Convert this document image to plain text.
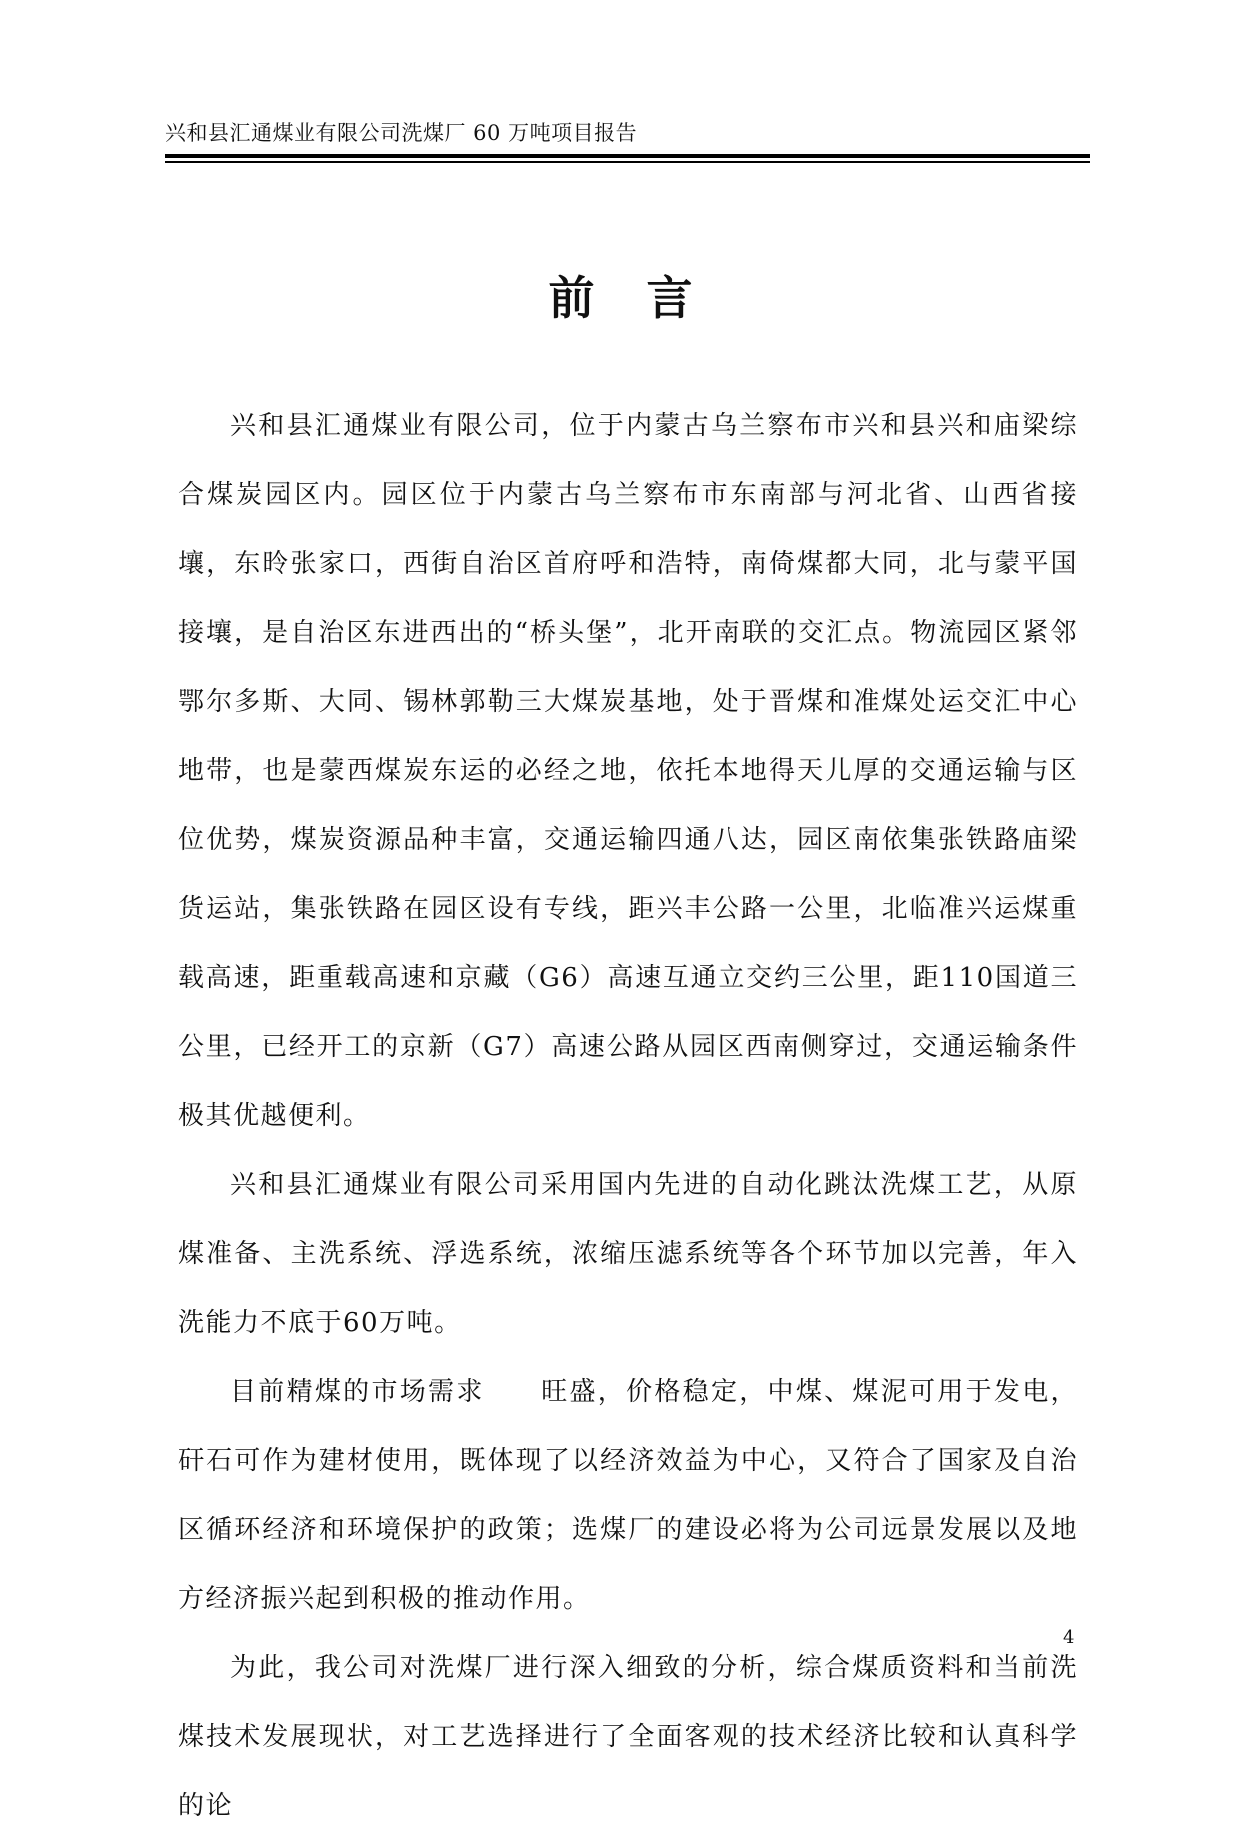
兴和县汇通煤业有限公司洗煤厂 60 万吨项目报告
前言

兴和县汇通煤业有限公司，位于内蒙古乌兰察布市兴和县兴和庙梁综合煤炭园区内。园区位于内蒙古乌兰察布市东南部与河北省、山西省接壤，东昤张家口，西街自治区首府呼和浩特，南倚煤都大同，北与蒙平国接壤，是自治区东进西出的“桥头堡”，北开南联的交汇点。物流园区紧邻鄂尔多斯、大同、锡林郭勒三大煤炭基地，处于晋煤和准煤处运交汇中心地带，也是蒙西煤炭东运的必经之地，依托本地得天儿厚的交通运输与区位优势，煤炭资源品种丰富，交通运输四通八达，园区南依集张铁路庙梁货运站，集张铁路在园区设有专线，距兴丰公路一公里，北临准兴运煤重载高速，距重载高速和京藏（G6）高速互通立交约三公里，距110国道三公里，已经开工的京新（G7）高速公路从园区西南侧穿过，交通运输条件极其优越便利。

兴和县汇通煤业有限公司采用国内先进的自动化跳汰洗煤工艺，从原煤准备、主洗系统、浮选系统，浓缩压滤系统等各个环节加以完善，年入洗能力不底于60万吨。

目前精煤的市场需求　　旺盛，价格稳定，中煤、煤泥可用于发电，矸石可作为建材使用，既体现了以经济效益为中心，又符合了国家及自治区循环经济和环境保护的政策；选煤厂的建设必将为公司远景发展以及地方经济振兴起到积极的推动作用。

为此，我公司对洗煤厂进行深入细致的分析，综合煤质资料和当前洗煤技术发展现状，对工艺选择进行了全面客观的技术经济比较和认真科学的论

4
